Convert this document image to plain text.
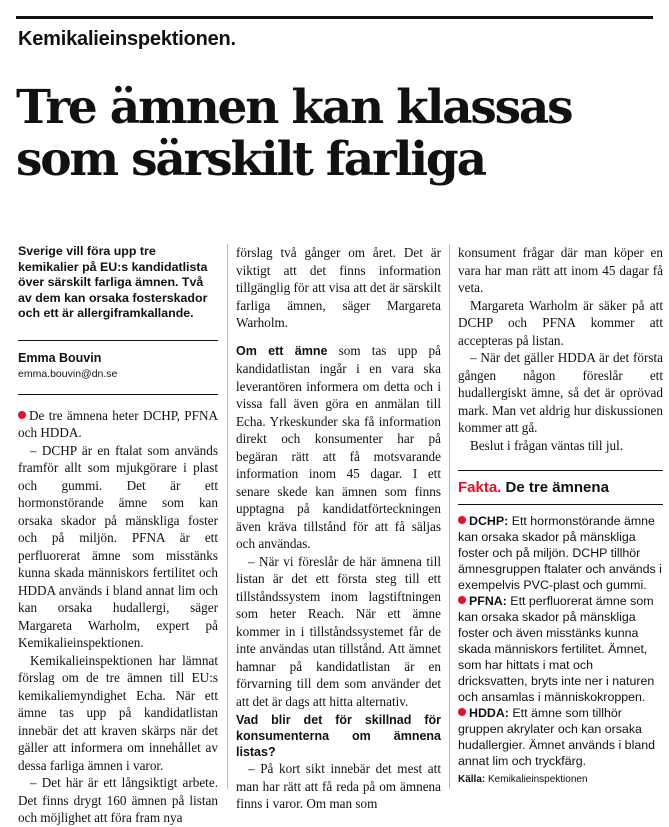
Kemikalieinspektionen.
Tre ämnen kan klassas
som särskilt farliga
Sverige vill föra upp tre kemikalier på EU:s kandidatlista över särskilt farliga ämnen. Två av dem kan orsaka fosterskador och ett är allergiframkallande.
Emma Bouvin
emma.bouvin@dn.se

De tre ämnena heter DCHP, PFNA och HDDA.

– DCHP är en ftalat som används framför allt som mjukgörare i plast och gummi. Det är ett hormonstörande ämne som kan orsaka skador på mänskliga foster och på miljön. PFNA är ett perfluorerat ämne som misstänks kunna skada människors fertilitet och HDDA används i bland annat lim och kan orsaka hudallergi, säger Margareta Warholm, expert på Kemikalieinspektionen.

Kemikalieinspektionen har lämnat förslag om de tre ämnen till EU:s kemikaliemyndighet Echa. När ett ämne tas upp på kandidatlistan innebär det att kraven skärps när det gäller att informera om innehållet av dessa farliga ämnen i varor.

– Det här är ett långsiktigt arbete. Det finns drygt 160 ämnen på listan och möjlighet att föra fram nya

förslag två gånger om året. Det är viktigt att det finns information tillgänglig för att visa att det är särskilt farliga ämnen, säger Margareta Warholm.

Om ett ämne som tas upp på kandidatlistan ingår i en vara ska leverantören informera om detta och i vissa fall även göra en anmälan till Echa. Yrkeskunder ska få information direkt och konsumenter har på begäran rätt att få motsvarande information inom 45 dagar. I ett senare skede kan ämnen som finns upptagna på kandidatförteckningen även kräva tillstånd för att få säljas och användas.

– När vi föreslår de här ämnena till listan är det ett första steg till ett tillståndssystem inom lagstiftningen som heter Reach. När ett ämne kommer in i tillståndssystemet får de inte användas utan tillstånd. Att ämnet hamnar på kandidatlistan är en förvarning till dem som använder det att det är dags att hitta alternativ.

Vad blir det för skillnad för konsumenterna om ämnena listas?

– På kort sikt innebär det mest att man har rätt att få reda på om ämnena finns i varor. Om man som

konsument frågar där man köper en vara har man rätt att inom 45 dagar få veta.

Margareta Warholm är säker på att DCHP och PFNA kommer att accepteras på listan.

– När det gäller HDDA är det första gången någon föreslår ett hudallergiskt ämne, så det är oprövad mark. Man vet aldrig hur diskussionen kommer att gå.

Beslut i frågan väntas till jul.

Fakta. De tre ämnena

DCHP: Ett hormonstörande ämne kan orsaka skador på mänskliga foster och på miljön. DCHP tillhör ämnesgruppen ftalater och används i exempelvis PVC-plast och gummi.

PFNA: Ett perfluorerat ämne som kan orsaka skador på mänskliga foster och även misstänks kunna skada människors fertilitet. Ämnet, som har hittats i mat och dricksvatten, bryts inte ner i naturen och ansamlas i människokroppen.

HDDA: Ett ämne som tillhör gruppen akrylater och kan orsaka hudallergier. Ämnet används i bland annat lim och tryckfärg.

Källa: Kemikalieinspektionen
